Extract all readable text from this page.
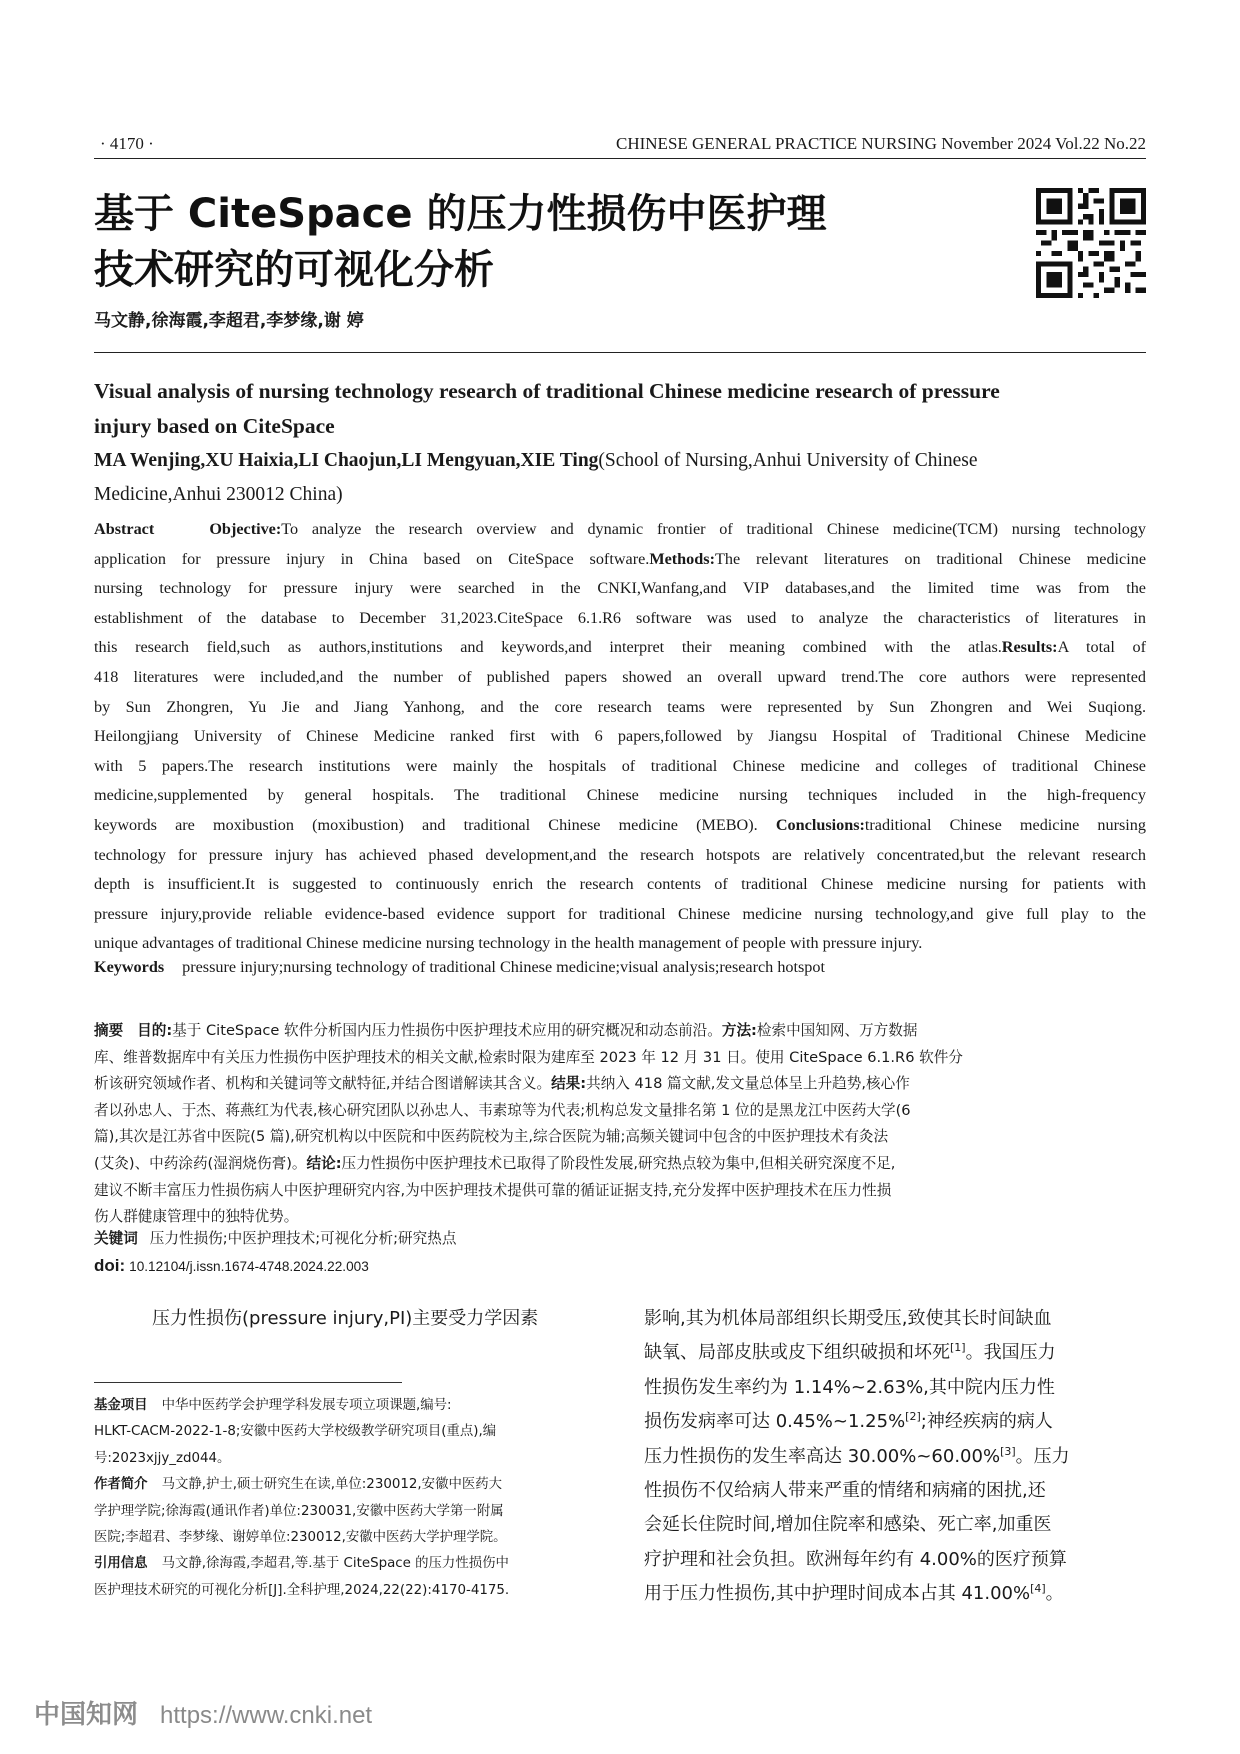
· 4170 ·	CHINESE GENERAL PRACTICE NURSING November 2024 Vol.22 No.22
基于 CiteSpace 的压力性损伤中医护理
技术研究的可视化分析
马文静,徐海霞,李超君,李梦缘,谢 婷
Visual analysis of nursing technology research of traditional Chinese medicine research of pressure
injury based on CiteSpace
MA Wenjing,XU Haixia,LI Chaojun,LI Mengyuan,XIE Ting(School of Nursing,Anhui University of Chinese
Medicine,Anhui 230012 China)
Abstract	Objective:To analyze the research overview and dynamic frontier of traditional Chinese medicine(TCM) nursing technology
application for pressure injury in China based on CiteSpace software.Methods:The relevant literatures on traditional Chinese medicine
nursing technology for pressure injury were searched in the CNKI,Wanfang,and VIP databases,and the limited time was from the
establishment of the database to December 31,2023.CiteSpace 6.1.R6 software was used to analyze the characteristics of literatures in
this research field,such as authors,institutions and keywords,and interpret their meaning combined with the atlas.Results:A total of
418 literatures were included,and the number of published papers showed an overall upward trend.The core authors were represented
by Sun Zhongren, Yu Jie and Jiang Yanhong, and the core research teams were represented by Sun Zhongren and Wei Suqiong.
Heilongjiang University of Chinese Medicine ranked first with 6 papers,followed by Jiangsu Hospital of Traditional Chinese Medicine
with 5 papers.The research institutions were mainly the hospitals of traditional Chinese medicine and colleges of traditional Chinese
medicine,supplemented by general hospitals. The traditional Chinese medicine nursing techniques included in the high-frequency
keywords are moxibustion (moxibustion) and traditional Chinese medicine (MEBO). Conclusions:traditional Chinese medicine nursing
technology for pressure injury has achieved phased development,and the research hotspots are relatively concentrated,but the relevant research
depth is insufficient.It is suggested to continuously enrich the research contents of traditional Chinese medicine nursing for patients with
pressure injury,provide reliable evidence-based evidence support for traditional Chinese medicine nursing technology,and give full play to the
unique advantages of traditional Chinese medicine nursing technology in the health management of people with pressure injury.
Keywords pressure injury;nursing technology of traditional Chinese medicine;visual analysis;research hotspot
摘要 目的:基于 CiteSpace 软件分析国内压力性损伤中医护理技术应用的研究概况和动态前沿。方法:检索中国知网、万方数据
库、维普数据库中有关压力性损伤中医护理技术的相关文献,检索时限为建库至 2023 年 12 月 31 日。使用 CiteSpace 6.1.R6 软件分
析该研究领域作者、机构和关键词等文献特征,并结合图谱解读其含义。结果:共纳入 418 篇文献,发文量总体呈上升趋势,核心作
者以孙忠人、于杰、蒋燕红为代表,核心研究团队以孙忠人、韦素琼等为代表;机构总发文量排名第 1 位的是黑龙江中医药大学(6
篇),其次是江苏省中医院(5 篇),研究机构以中医院和中医药院校为主,综合医院为辅;高频关键词中包含的中医护理技术有灸法
(艾灸)、中药涂药(湿润烧伤膏)。结论:压力性损伤中医护理技术已取得了阶段性发展,研究热点较为集中,但相关研究深度不足,
建议不断丰富压力性损伤病人中医护理研究内容,为中医护理技术提供可靠的循证证据支持,充分发挥中医护理技术在压力性损
伤人群健康管理中的独特优势。
关键词 压力性损伤;中医护理技术;可视化分析;研究热点
doi: 10.12104/j.issn.1674-4748.2024.22.003
压力性损伤(pressure injury,PI)主要受力学因素	影响,其为机体局部组织长期受压,致使其长时间缺血
缺氧、局部皮肤或皮下组织破损和坏死[1]。我国压力
性损伤发生率约为 1.14%~2.63%,其中院内压力性
损伤发病率可达 0.45%~1.25%[2];神经疾病的病人
压力性损伤的发生率高达 30.00%~60.00%[3]。压力
性损伤不仅给病人带来严重的情绪和病痛的困扰,还
会延长住院时间,增加住院率和感染、死亡率,加重医
疗护理和社会负担。欧洲每年约有 4.00%的医疗预算
用于压力性损伤,其中护理时间成本占其 41.00%[4]。
基金项目 中华中医药学会护理学科发展专项立项课题,编号:
HLKT-CACM-2022-1-8;安徽中医药大学校级教学研究项目(重点),编
号:2023xjjy_zd044。
作者简介 马文静,护士,硕士研究生在读,单位:230012,安徽中医药大
学护理学院;徐海霞(通讯作者)单位:230031,安徽中医药大学第一附属
医院;李超君、李梦缘、谢婷单位:230012,安徽中医药大学护理学院。
引用信息 马文静,徐海霞,李超君,等.基于 CiteSpace 的压力性损伤中
医护理技术研究的可视化分析[J].全科护理,2024,22(22):4170-4175.
中国知网 https://www.cnki.net
